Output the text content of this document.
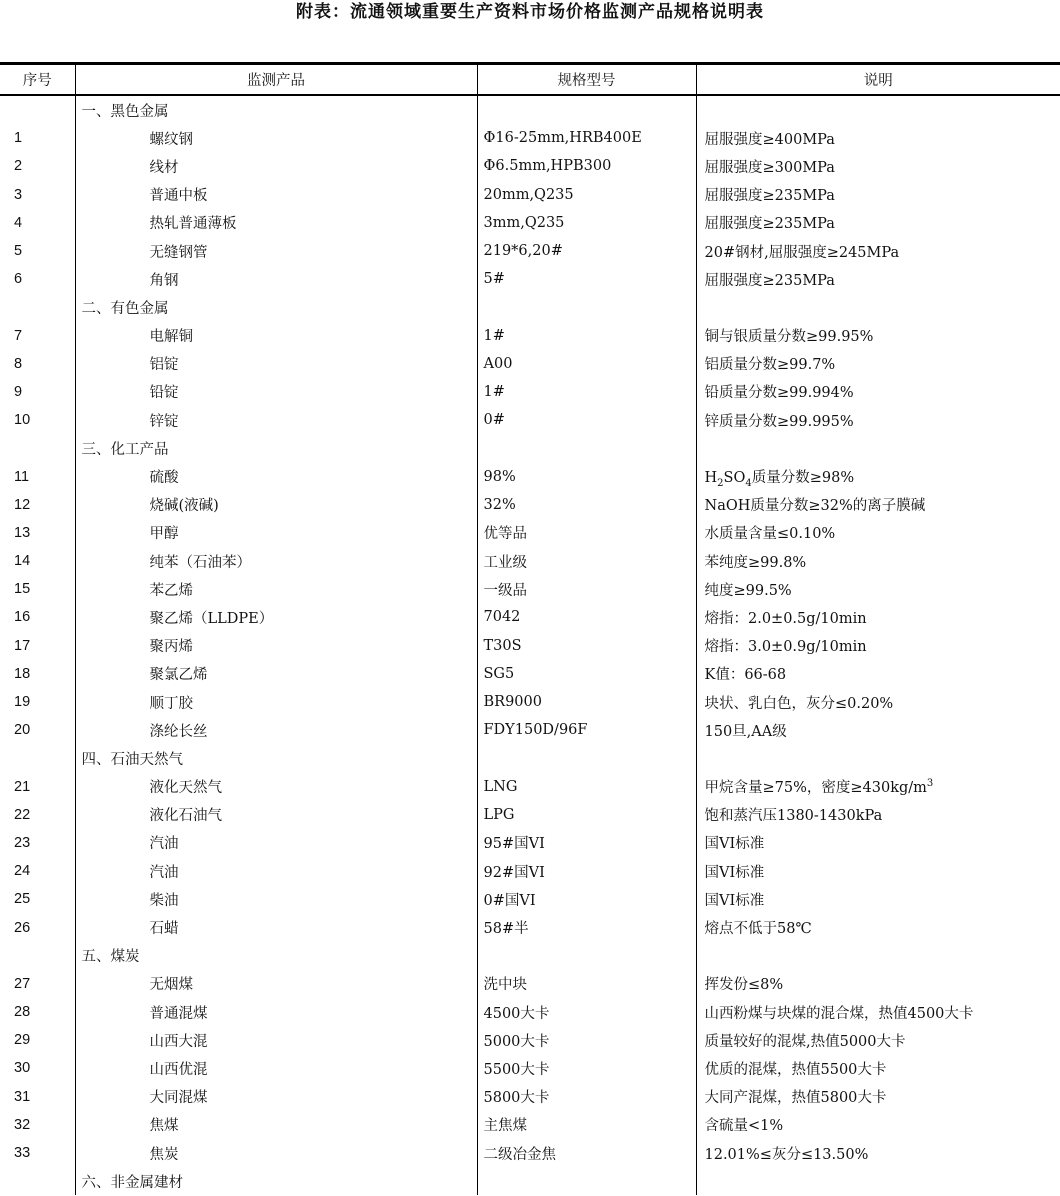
附表：流通领域重要生产资料市场价格监测产品规格说明表
序号	监测产品	规格型号	说明
	一、黑色金属		
1	螺纹钢	Φ16-25mm,HRB400E	屈服强度≥400MPa
2	线材	Φ6.5mm,HPB300	屈服强度≥300MPa
3	普通中板	20mm,Q235	屈服强度≥235MPa
4	热轧普通薄板	3mm,Q235	屈服强度≥235MPa
5	无缝钢管	219*6,20#	20#钢材,屈服强度≥245MPa
6	角钢	5#	屈服强度≥235MPa
	二、有色金属		
7	电解铜	1#	铜与银质量分数≥99.95%
8	铝锭	A00	铝质量分数≥99.7%
9	铅锭	1#	铅质量分数≥99.994%
10	锌锭	0#	锌质量分数≥99.995%
	三、化工产品		
11	硫酸	98%	$H_2SO_4$质量分数≥98%
12	烧碱(液碱)	32%	NaOH质量分数≥32%的离子膜碱
13	甲醇	优等品	水质量含量≤0.10%
14	纯苯（石油苯）	工业级	苯纯度≥99.8%
15	苯乙烯	一级品	纯度≥99.5%
16	聚乙烯（LLDPE）	7042	熔指：2.0±0.5g/10min
17	聚丙烯	T30S	熔指：3.0±0.9g/10min
18	聚氯乙烯	SG5	K值：66-68
19	顺丁胶	BR9000	块状、乳白色，灰分≤0.20%
20	涤纶长丝	FDY150D/96F	150旦,AA级
	四、石油天然气		
21	液化天然气	LNG	甲烷含量≥75%，密度$\ge 430kg/m^3$
22	液化石油气	LPG	饱和蒸汽压1380-1430kPa
23	汽油	95#国VI	国VI标准
24	汽油	92#国VI	国VI标准
25	柴油	0#国VI	国VI标准
26	石蜡	58#半	熔点不低于58℃
	五、煤炭		
27	无烟煤	洗中块	挥发份≤8%
28	普通混煤	4500大卡	山西粉煤与块煤的混合煤，热值4500大卡
29	山西大混	5000大卡	质量较好的混煤,热值5000大卡
30	山西优混	5500大卡	优质的混煤，热值5500大卡
31	大同混煤	5800大卡	大同产混煤，热值5800大卡
32	焦煤	主焦煤	含硫量<1%
33	焦炭	二级冶金焦	12.01%≤灰分≤13.50%
	六、非金属建材		
